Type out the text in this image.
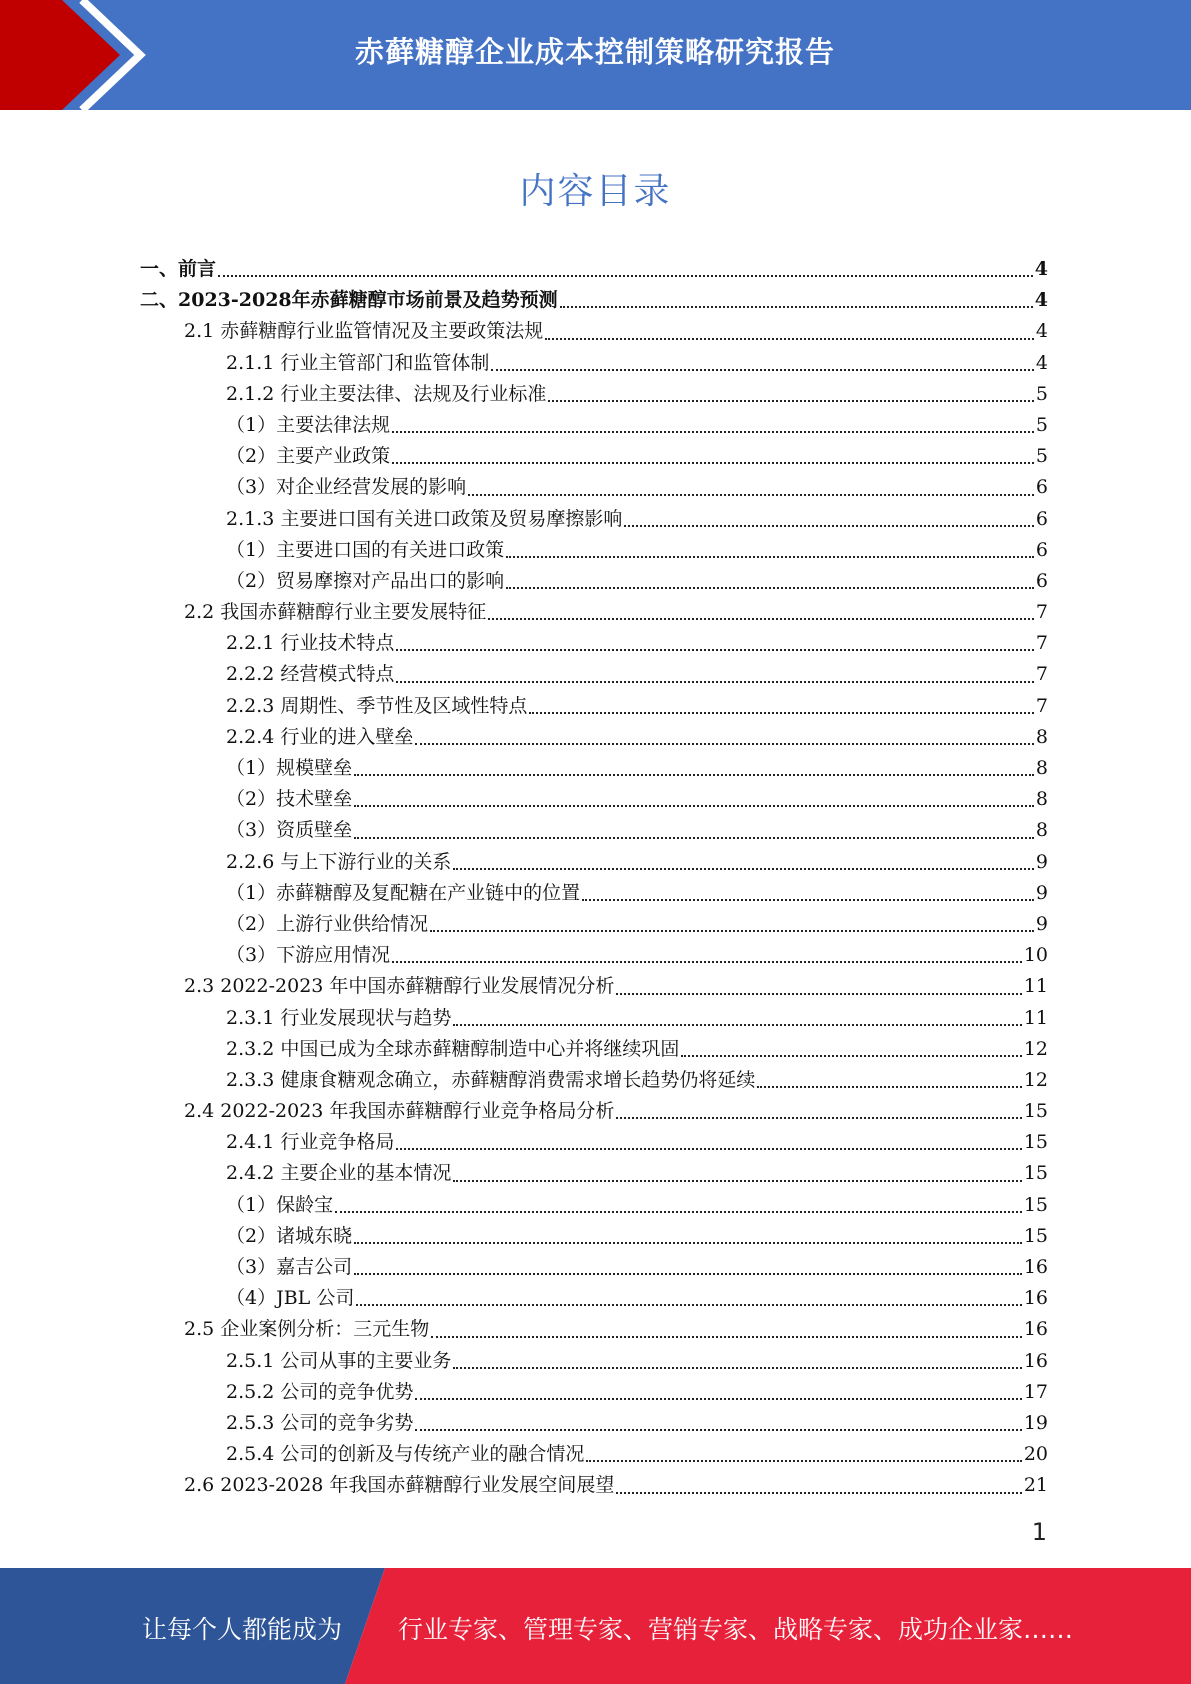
赤藓糖醇企业成本控制策略研究报告
内容目录
一、前言	4
二、2023-2028年赤藓糖醇市场前景及趋势预测	4
2.1 赤藓糖醇行业监管情况及主要政策法规	4
2.1.1 行业主管部门和监管体制	4
2.1.2 行业主要法律、法规及行业标准	5
（1）主要法律法规	5
（2）主要产业政策	5
（3）对企业经营发展的影响	6
2.1.3 主要进口国有关进口政策及贸易摩擦影响	6
（1）主要进口国的有关进口政策	6
（2）贸易摩擦对产品出口的影响	6
2.2 我国赤藓糖醇行业主要发展特征	7
2.2.1 行业技术特点	7
2.2.2 经营模式特点	7
2.2.3 周期性、季节性及区域性特点	7
2.2.4 行业的进入壁垒	8
（1）规模壁垒	8
（2）技术壁垒	8
（3）资质壁垒	8
2.2.6 与上下游行业的关系	9
（1）赤藓糖醇及复配糖在产业链中的位置	9
（2）上游行业供给情况	9
（3）下游应用情况	10
2.3 2022-2023 年中国赤藓糖醇行业发展情况分析	11
2.3.1 行业发展现状与趋势	11
2.3.2 中国已成为全球赤藓糖醇制造中心并将继续巩固	12
2.3.3 健康食糖观念确立，赤藓糖醇消费需求增长趋势仍将延续	12
2.4 2022-2023 年我国赤藓糖醇行业竞争格局分析	15
2.4.1 行业竞争格局	15
2.4.2 主要企业的基本情况	15
（1）保龄宝	15
（2）诸城东晓	15
（3）嘉吉公司	16
（4）JBL 公司	16
2.5 企业案例分析：三元生物	16
2.5.1 公司从事的主要业务	16
2.5.2 公司的竞争优势	17
2.5.3 公司的竞争劣势	19
2.5.4 公司的创新及与传统产业的融合情况	20
2.6 2023-2028 年我国赤藓糖醇行业发展空间展望	21
1
让每个人都能成为 行业专家、管理专家、营销专家、战略专家、成功企业家……
